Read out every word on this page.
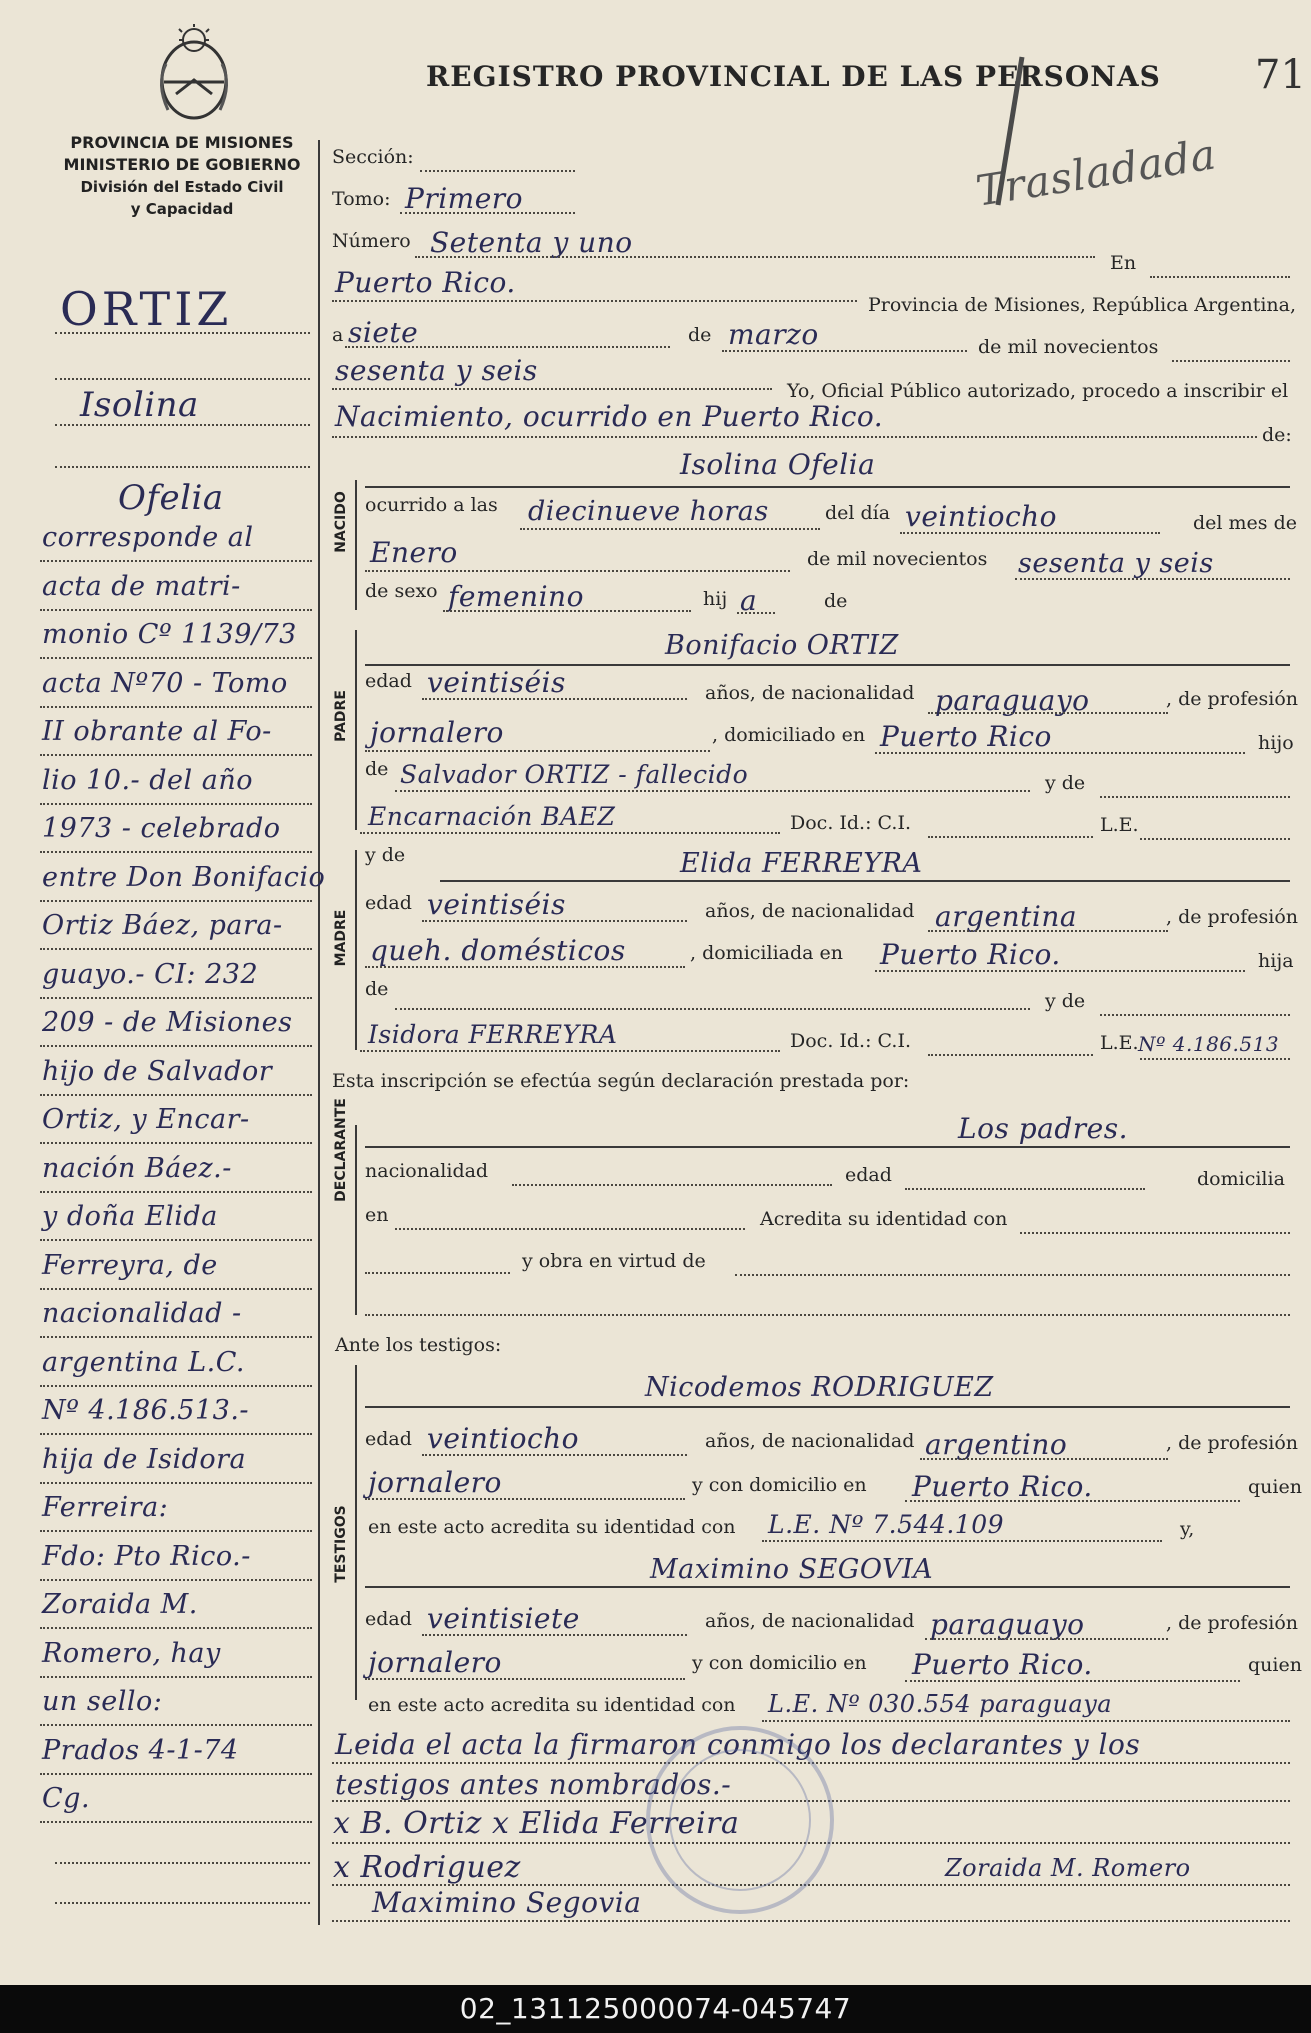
PROVINCIA DE MISIONES
MINISTERIO DE GOBIERNO
División del Estado Civil
y Capacidad
REGISTRO PROVINCIAL DE LAS PERSONAS 71
Trasladada
Sección:
Tomo: Primero
Número Setenta y uno
En
Puerto Rico.
Provincia de Misiones, República Argentina,
a siete	de marzo	de mil novecientos
sesenta y seis
Yo, Oficial Público autorizado, procedo a inscribir el
Nacimiento, ocurrido en Puerto Rico.
de:
NACIDO
Isolina Ofelia
ocurrido a las diecinueve horas	del día veintiocho	del mes de
Enero	de mil novecientos sesenta y seis
de sexo femenino	hij a	de
PADRE
Bonifacio ORTIZ
edad veintiséis	años, de nacionalidad paraguayo	, de profesión
jornalero	, domiciliado en Puerto Rico	hijo
de Salvador ORTIZ - fallecido	y de
Encarnación BAEZ	Doc. Id.: C.I.	L.E.
MADRE
y de	Elida FERREYRA
edad veintiséis	años, de nacionalidad argentina	, de profesión
queh. domésticos	, domiciliada en Puerto Rico.	hija
de
y de
Isidora FERREYRA	Doc. Id.: C.I.	L.E. Nº 4.186.513
Esta inscripción se efectúa según declaración prestada por:
DECLARANTE	Los padres.
nacionalidad	edad	domicilia
en	Acredita su identidad con
y obra en virtud de
Ante los testigos:
TESTIGOS
Nicodemos RODRIGUEZ
edad veintiocho	años, de nacionalidad argentino	, de profesión
jornalero	y con domicilio en Puerto Rico.	quien
en este acto acredita su identidad con L.E. Nº 7.544.109	y,
Maximino SEGOVIA
edad veintisiete	años, de nacionalidad paraguayo	, de profesión
jornalero	y con domicilio en Puerto Rico.	quien
en este acto acredita su identidad con L.E. Nº 030.554 paraguaya
Leida el acta la firmaron conmigo los declarantes y los
testigos antes nombrados.-
x B. Ortiz x Elida Ferreira
x Rodriguez	Zoraida M. Romero
Maximino Segovia
ORTIZ
Isolina
Ofelia
corresponde al
acta de matri-
monio Cº 1139/73
acta Nº70 - Tomo
II obrante al Fo-
lio 10.- del año
1973 - celebrado
entre Don Bonifacio
Ortiz Báez, para-
guayo.- CI: 232
209 - de Misiones
hijo de Salvador
Ortiz, y Encar-
nación Báez.-
y doña Elida
Ferreyra, de
nacionalidad -
argentina L.C.
Nº 4.186.513.-
hija de Isidora
Ferreira:
Fdo: Pto Rico.-
Zoraida M.
Romero, hay
un sello:
Prados 4-1-74
Cg.
02_131125000074-045747
